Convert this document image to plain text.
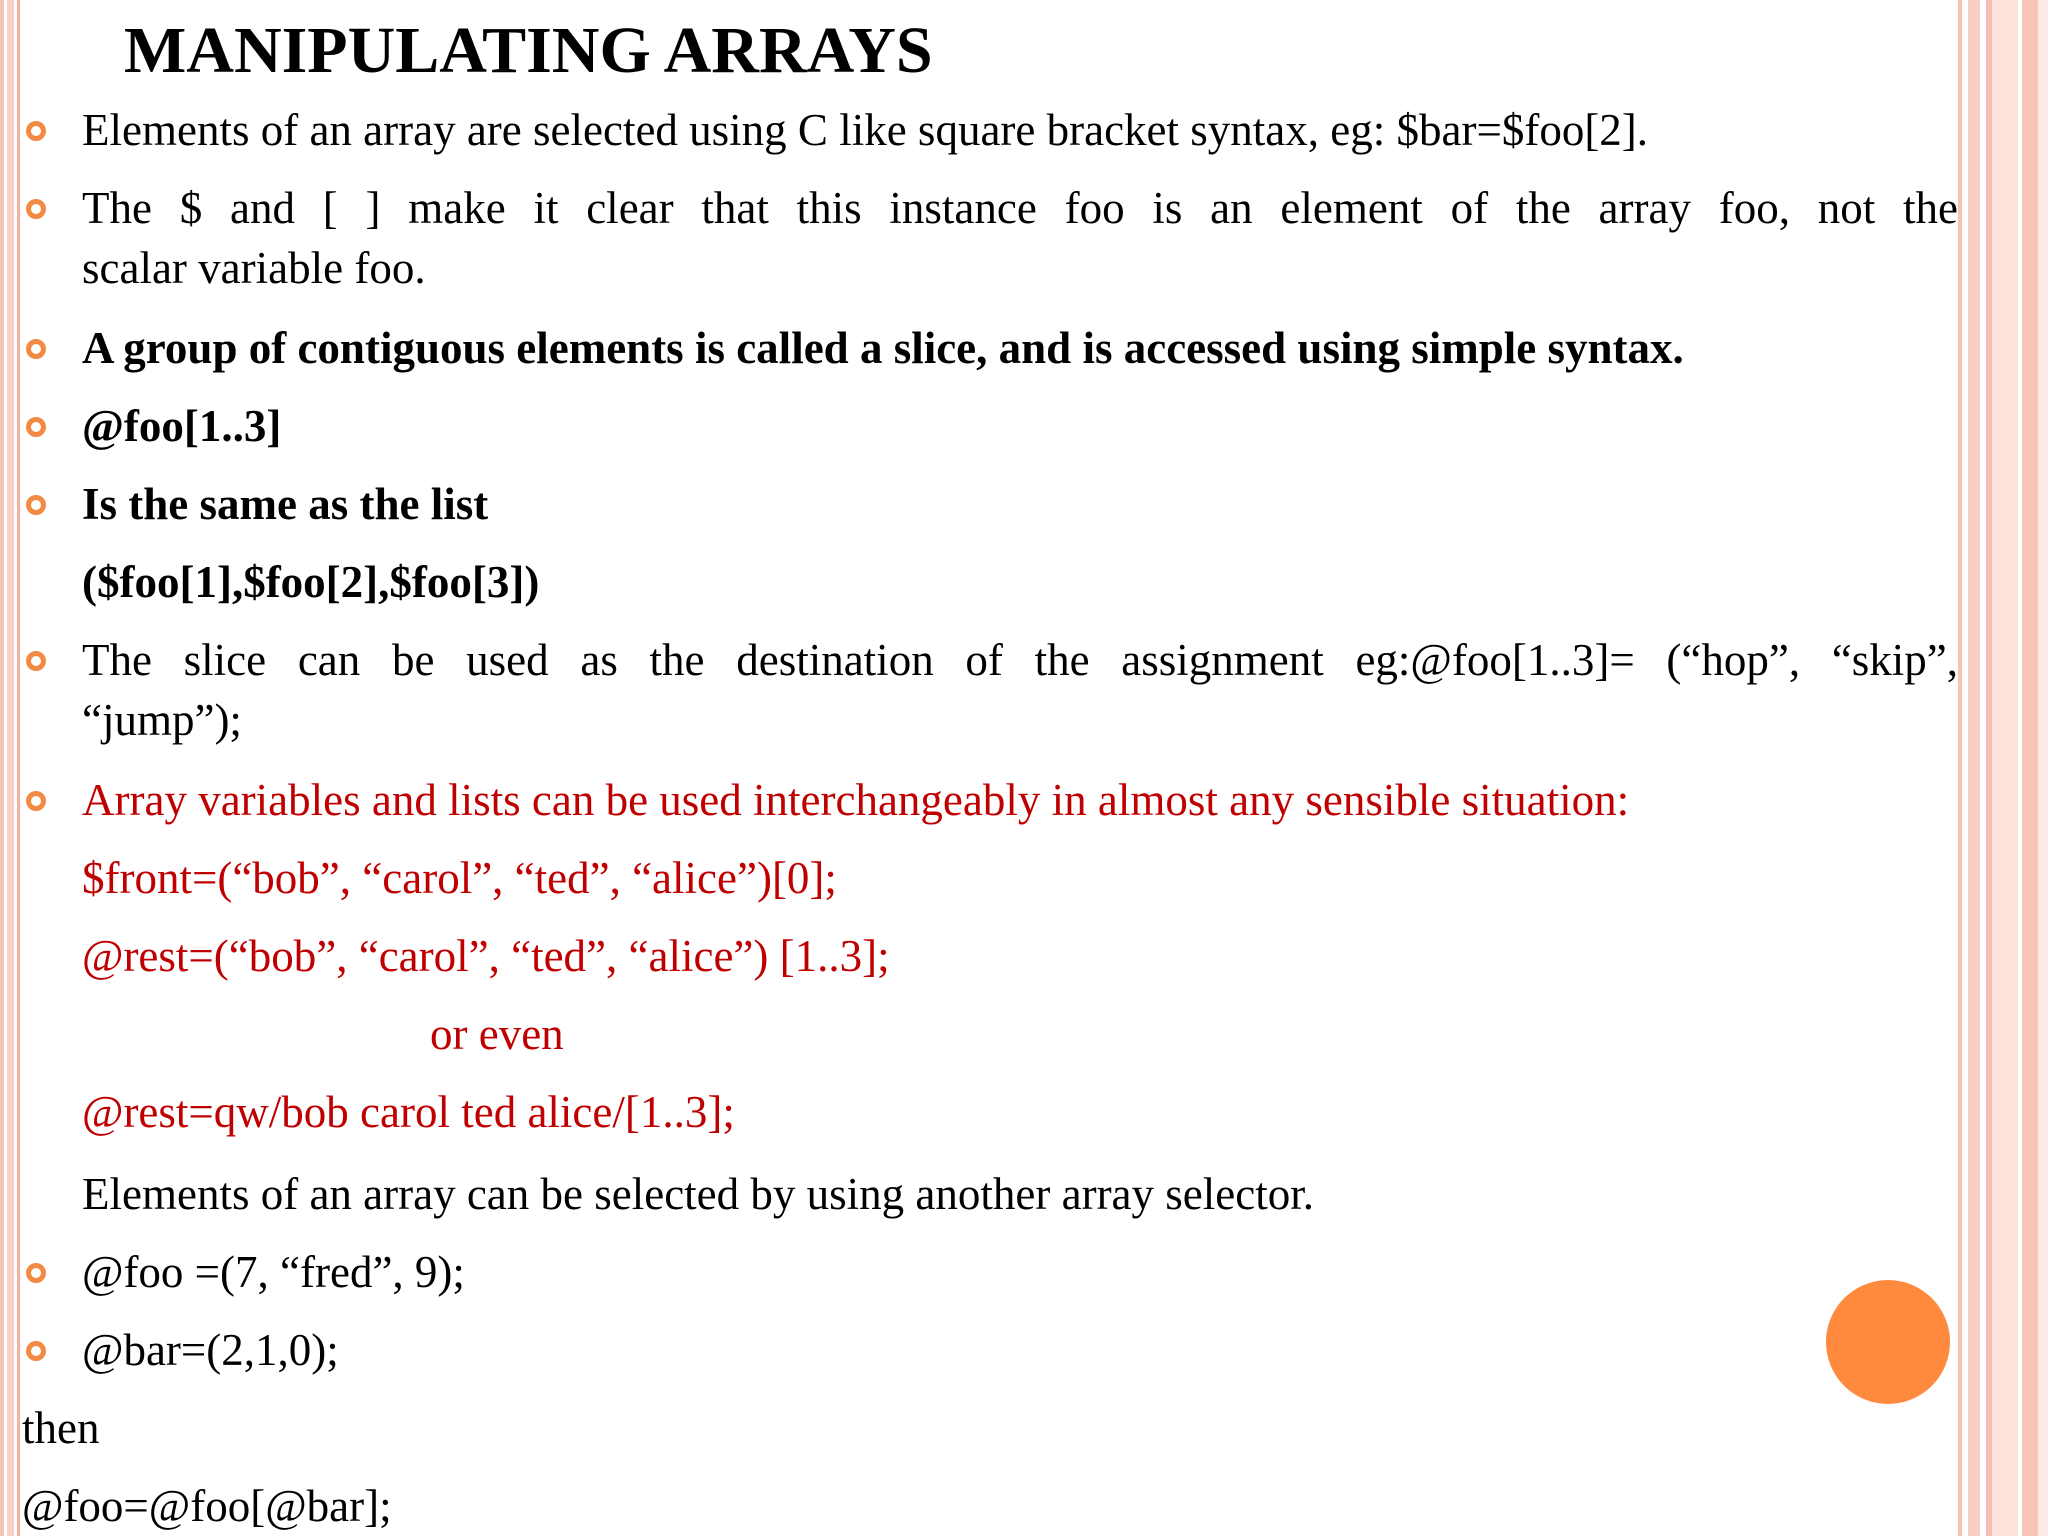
MANIPULATING ARRAYS
Elements of an array are selected using C like square bracket syntax, eg: $bar=$foo[2].
The $ and [ ] make it clear that this instance foo is an element of the array foo, not the
scalar variable foo.
A group of contiguous elements is called a slice, and is accessed using simple syntax.
@foo[1..3]
Is the same as the list
($foo[1],$foo[2],$foo[3])
The slice can be used as the destination of the assignment eg:@foo[1..3]= (“hop”, “skip”,
“jump”);
Array variables and lists can be used interchangeably in almost any sensible situation:
$front=(“bob”, “carol”, “ted”, “alice”)[0];
@rest=(“bob”, “carol”, “ted”, “alice”) [1..3];
or even
@rest=qw/bob carol ted alice/[1..3];
Elements of an array can be selected by using another array selector.
@foo =(7, “fred”, 9);
@bar=(2,1,0);
then
@foo=@foo[@bar];
